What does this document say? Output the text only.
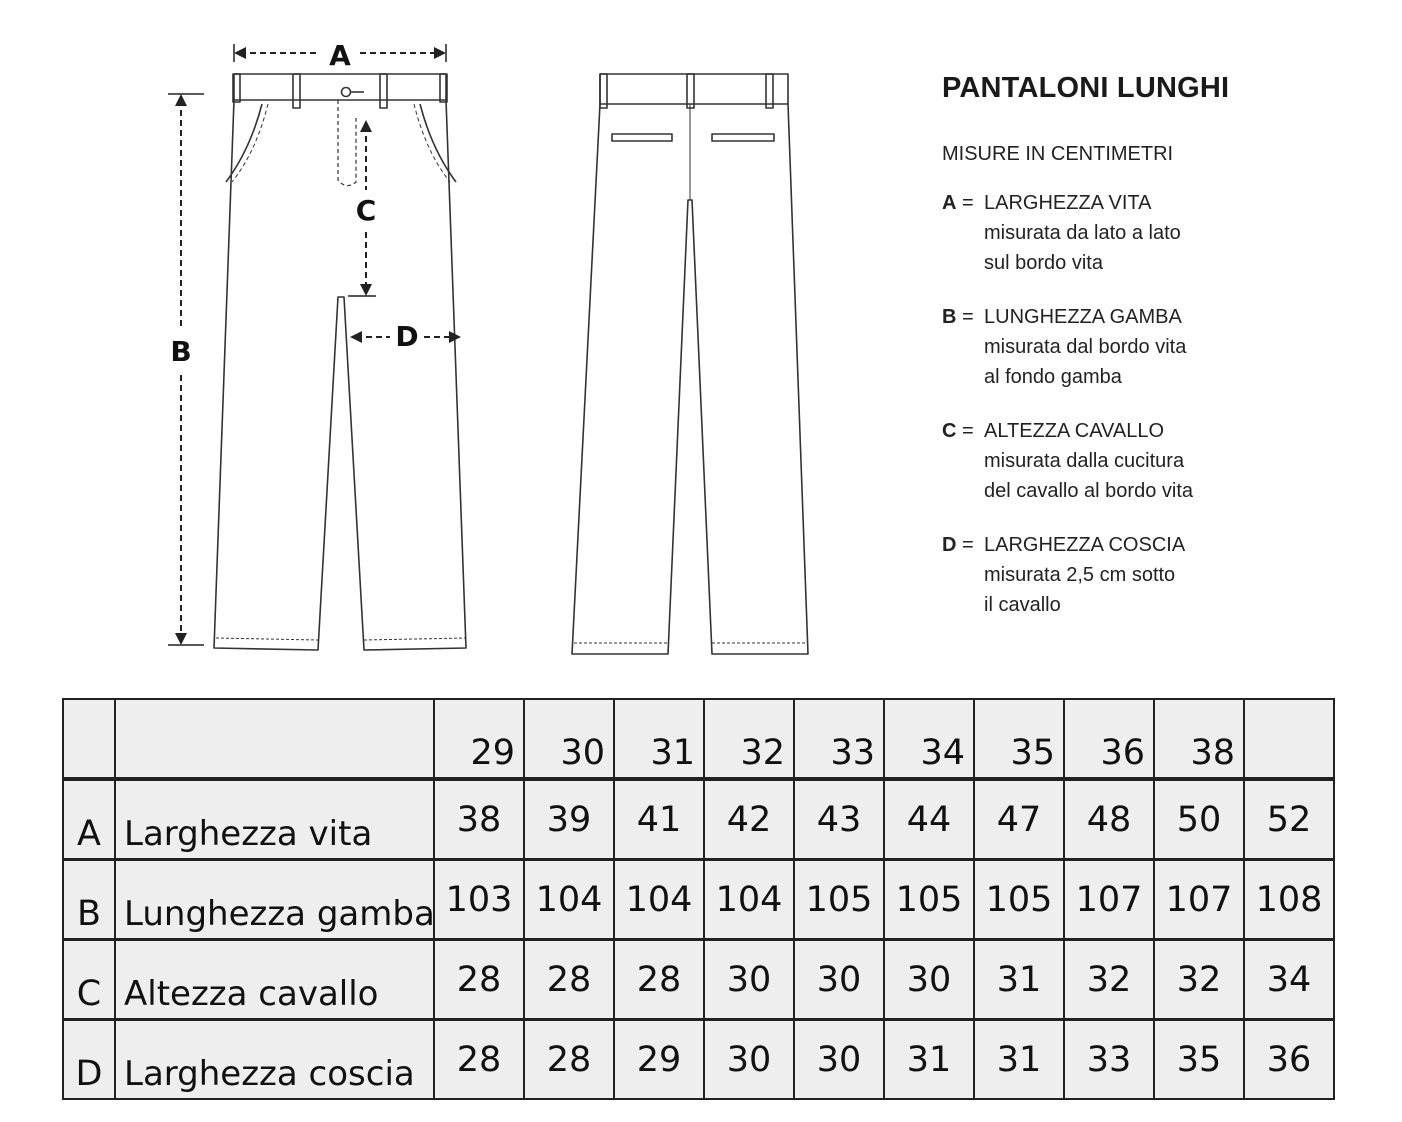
A
B
C
D
PANTALONI LUNGHI
MISURE IN CENTIMETRI
A = LARGHEZZA VITA
misurata da lato a lato
sul bordo vita
B = LUNGHEZZA GAMBA
misurata dal bordo vita
al fondo gamba
C = ALTEZZA CAVALLO
misurata dalla cucitura
del cavallo al bordo vita
D = LARGHEZZA COSCIA
misurata 2,5 cm sotto
il cavallo
		29	30	31	32	33	34	35	36	38	
A	Larghezza vita	38	39	41	42	43	44	47	48	50	52
B	Lunghezza gamba	103	104	104	104	105	105	105	107	107	108
C	Altezza cavallo	28	28	28	30	30	30	31	32	32	34
D	Larghezza coscia	28	28	29	30	30	31	31	33	35	36
